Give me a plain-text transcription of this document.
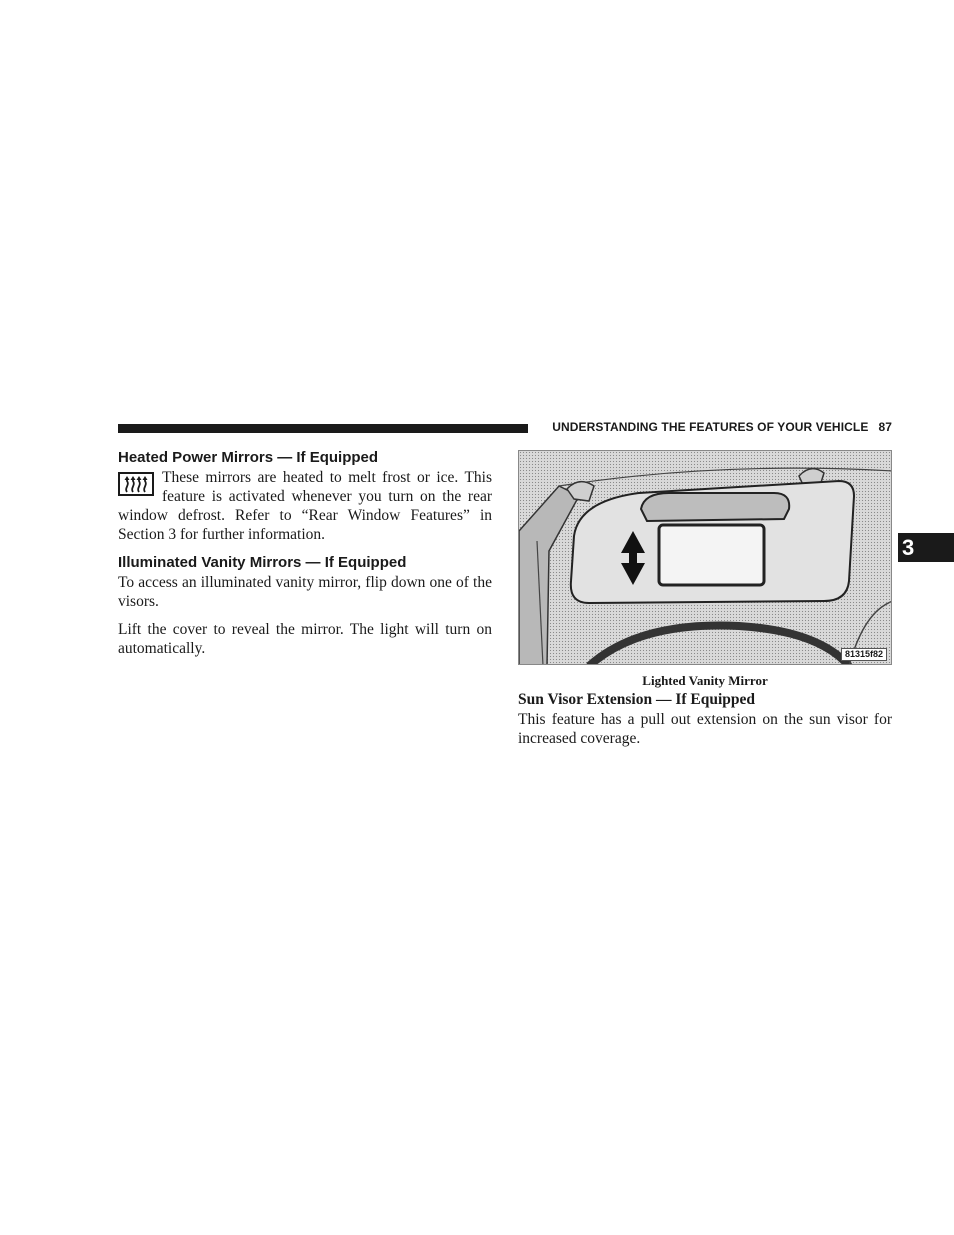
UNDERSTANDING THE FEATURES OF YOUR VEHICLE 87
3
Heated Power Mirrors — If Equipped

These mirrors are heated to melt frost or ice. This feature is activated whenever you turn on the rear window defrost. Refer to “Rear Window Features” in Section 3 for further information.

Illuminated Vanity Mirrors — If Equipped

To access an illuminated vanity mirror, flip down one of the visors.

Lift the cover to reveal the mirror. The light will turn on automatically.	81315f82
Lighted Vanity Mirror
Sun Visor Extension — If Equipped

This feature has a pull out extension on the sun visor for increased coverage.
